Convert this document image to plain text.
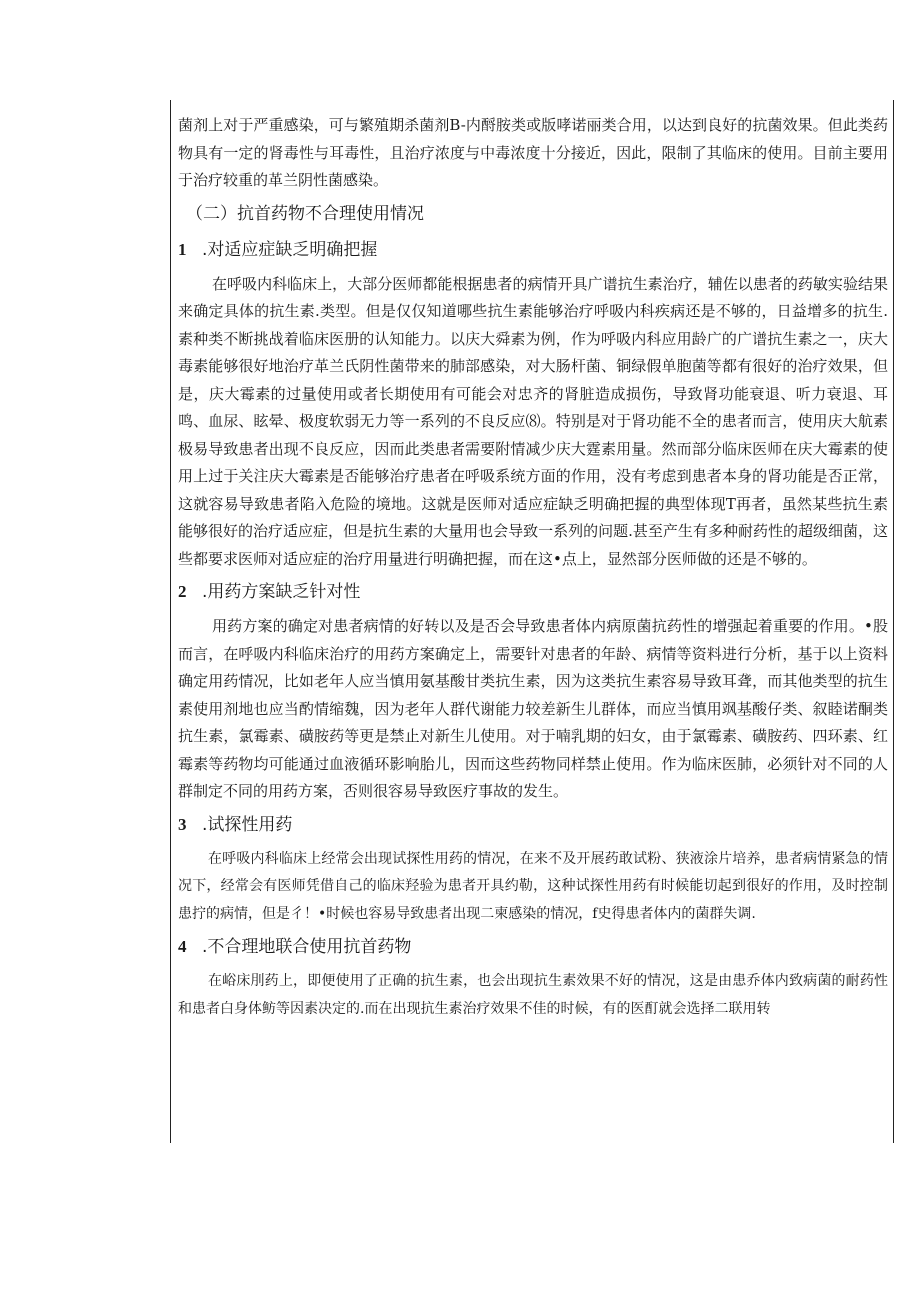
菌剂上对于严重感染，可与繁殖期杀菌剂B-内酹胺类或版哮诺丽类合用，以达到良好的抗菌效果。但此类药物具有一定的肾毒性与耳毒性，且治疗浓度与中毒浓度十分接近，因此，限制了其临床的使用。目前主要用于治疗较重的革兰阴性菌感染。

（二）抗首药物不合理使用情况
1 .对适应症缺乏明确把握

在呼吸内科临床上，大部分医师都能根据患者的病情开具广谱抗生素治疗，辅佐以患者的药敏实验结果来确定具体的抗生素.类型。但是仅仅知道哪些抗生素能够治疗呼吸内科疾病还是不够的，日益增多的抗生.素种类不断挑战着临床医册的认知能力。以庆大舜素为例，作为呼吸内科应用龄广的广谱抗生素之一，庆大毒素能够很好地治疗革兰氏阴性菌带来的肺部感染，对大肠杆菌、铜绿假单胞菌等都有很好的治疗效果，但是，庆大霉素的过量使用或者长期使用有可能会对忠齐的肾脏造成损伤，导致肾功能衰退、听力衰退、耳鸣、血尿、眩晕、极度软弱无力等一系列的不良反应⑻。特别是对于肾功能不全的患者而言，使用庆大航素极易导致患者出现不良反应，因而此类患者需要附情减少庆大霆素用量。然而部分临床医师在庆大霉素的使用上过于关注庆大霉素是否能够治疗患者在呼吸系统方面的作用，没有考虑到患者本身的肾功能是否正常，这就容易导致患者陷入危险的境地。这就是医师对适应症缺乏明确把握的典型体现T再者，虽然某些抗生素能够很好的治疗适应症，但是抗生素的大量用也会导致一系列的问题.甚至产生有多种耐药性的超级细菌，这些都要求医师对适应症的治疗用量进行明确把握，而在这•点上，显然部分医师做的还是不够的。

2 .用药方案缺乏针对性

用药方案的确定对患者病情的好转以及是否会导致患者体内病原菌抗药性的增强起着重要的作用。•股而言，在呼吸内科临床治疗的用药方案确定上，需要针对患者的年龄、病情等资料进行分析，基于以上资料确定用药情况，比如老年人应当慎用氨基酸甘类抗生素，因为这类抗生素容易导致耳聋，而其他类型的抗生素使用剂地也应当酌情缩魏，因为老年人群代谢能力较差新生儿群体，而应当慎用飒基酸仔类、叙睦诺酮类抗生素，氯霉素、磺胺药等更是禁止对新生儿使用。对于喃乳期的妇女，由于氯霉素、磺胺药、四环素、红霉素等药物均可能通过血液循环影响胎儿，因而这些药物同样禁止使用。作为临床医肺，必须针对不同的人群制定不同的用药方案，否则很容易导致医疗事故的发生。

3 .试探性用药

在呼吸内科临床上经常会出现试探性用药的情况，在来不及开展药敢试粉、狭液涂片培养，患者病情紧急的情况下，经常会有医师凭借自己的临床羟验为患者开具约勒，这种试探性用药有时候能切起到很好的作用，及时控制患拧的病情，但是彳！•时候也容易导致患者出现二柬感染的情况，f史得患者体内的菌群失调.

4 .不合理地联合使用抗首药物

在峪床刖药上，即便使用了正确的抗生素，也会出现抗生素效果不好的情况，这是由患乔体内致病菌的耐药性和患者白身体鲂等因素决定的.而在出现抗生素治疗效果不佳的时候，有的医酊就会选择二联用转
